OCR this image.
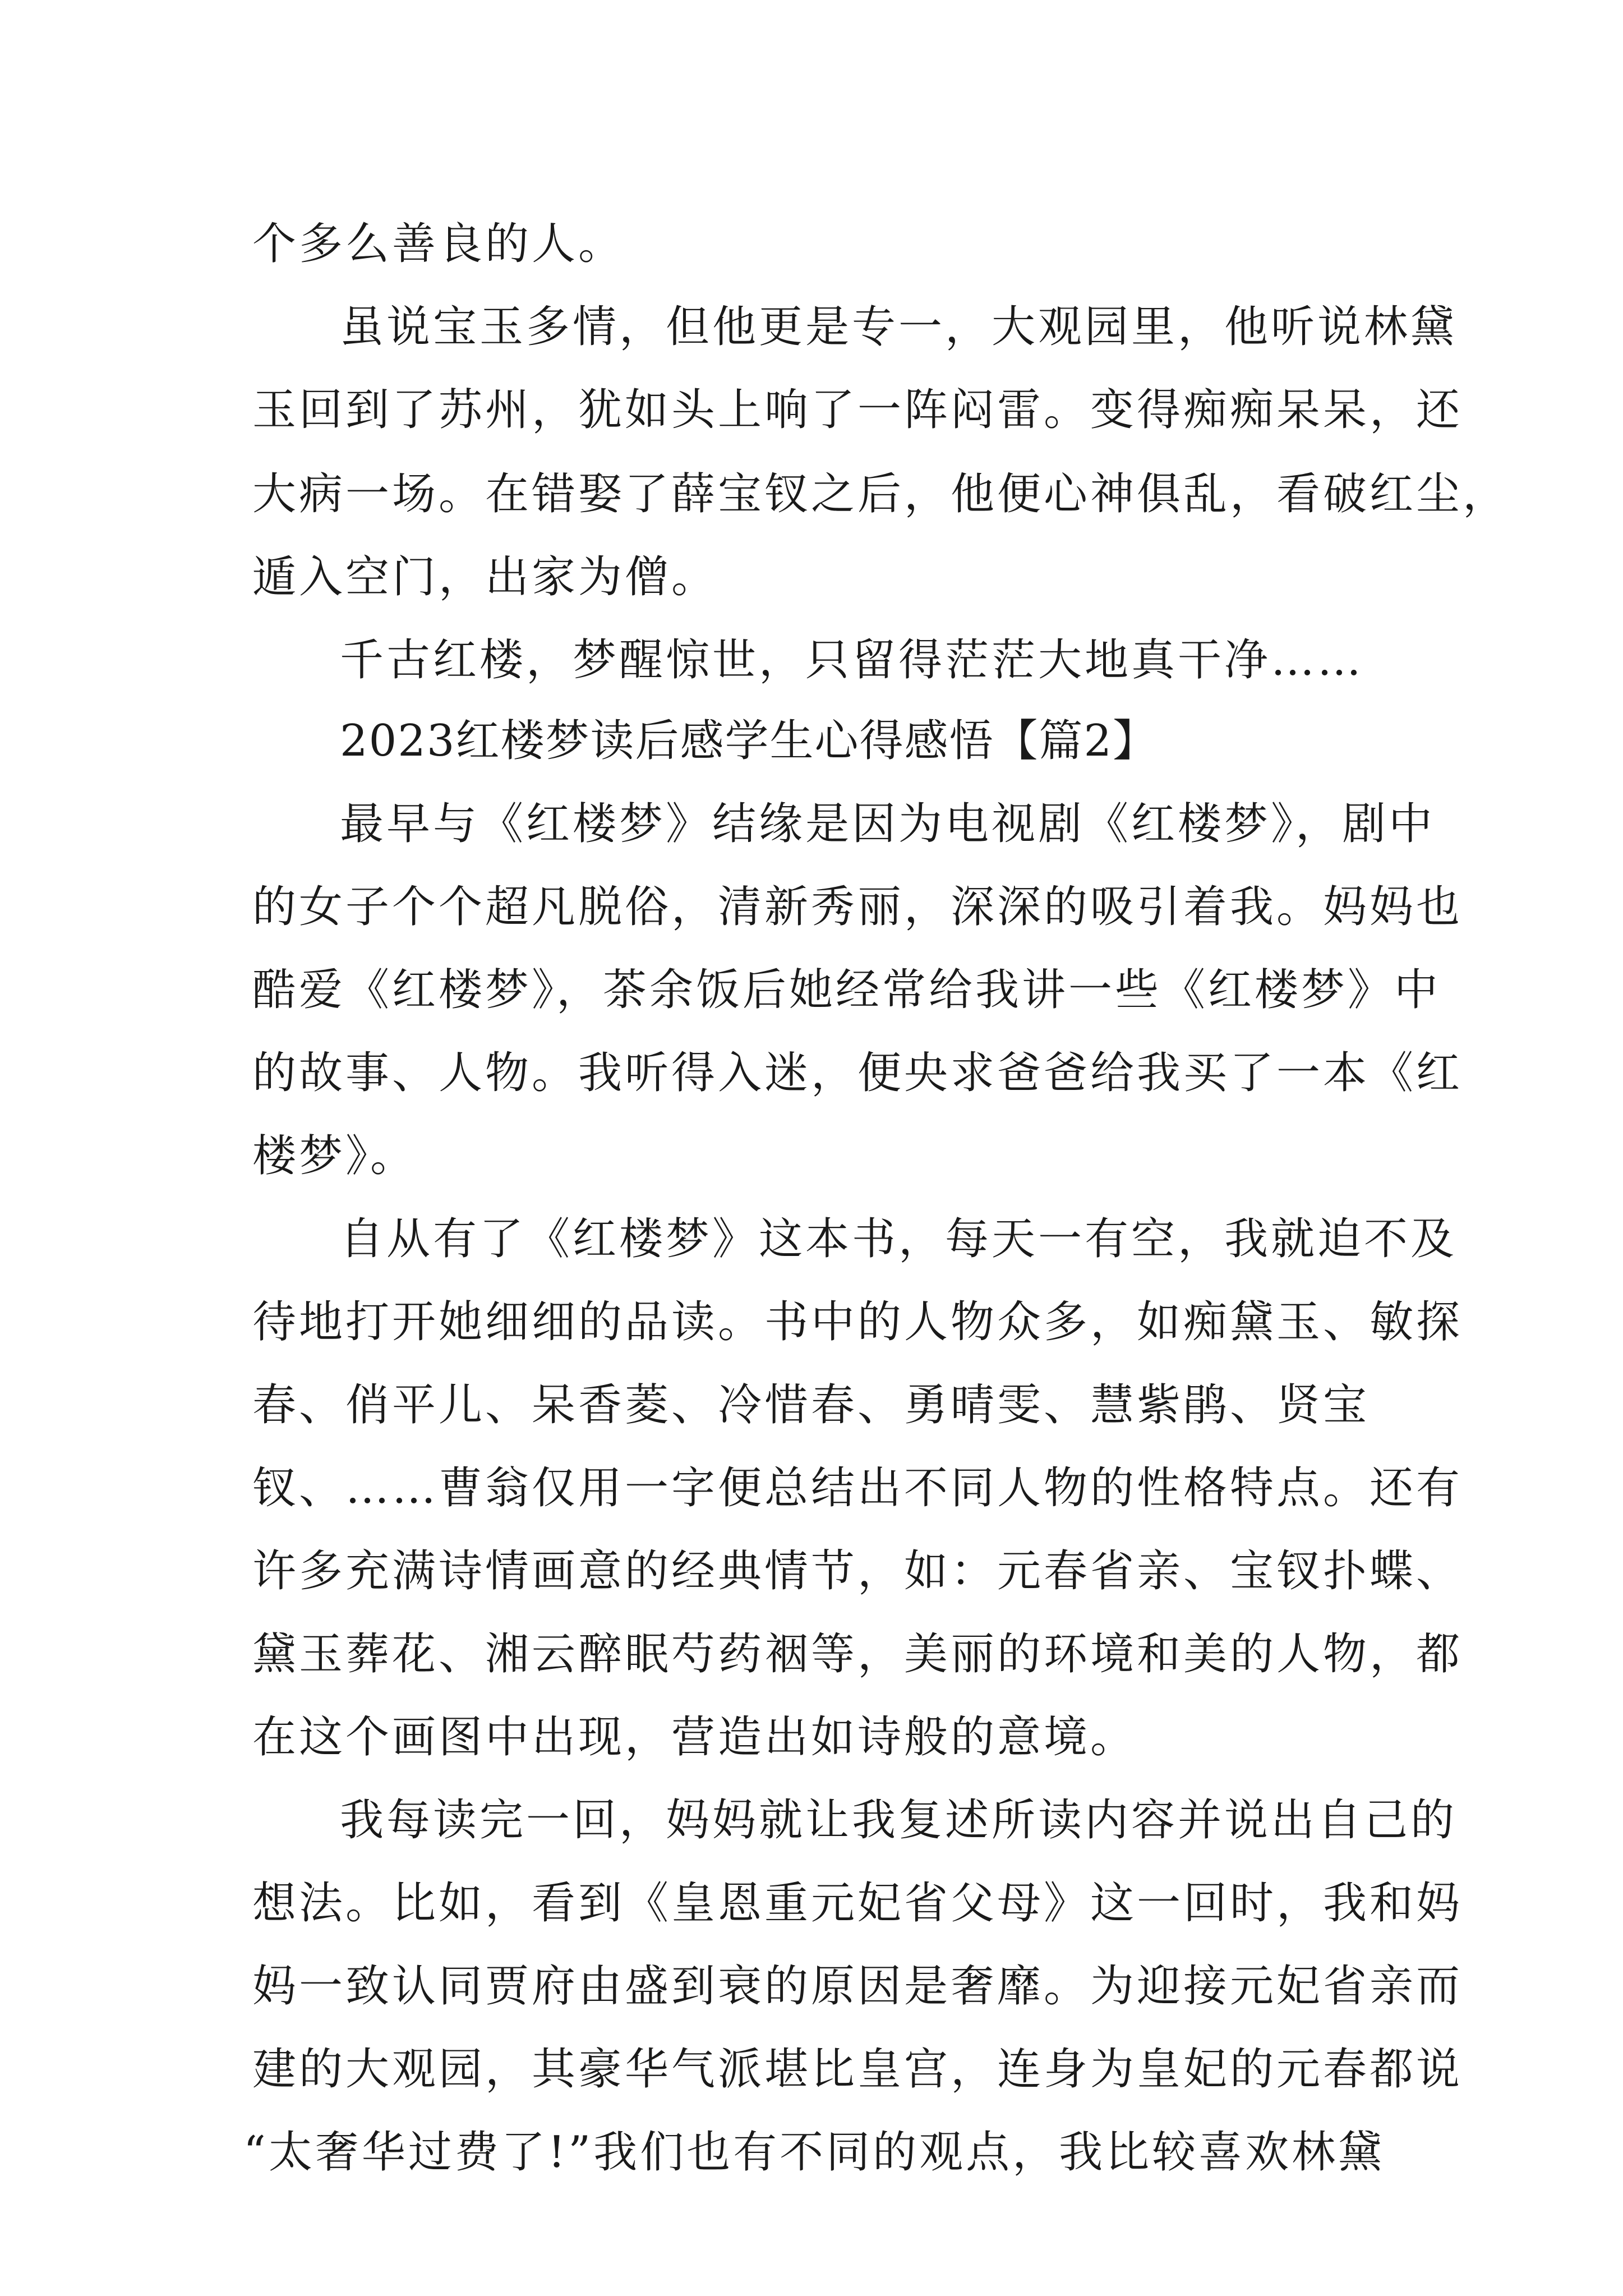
个多么善良的人。
虽说宝玉多情，但他更是专一，大观园里，他听说林黛
玉回到了苏州，犹如头上响了一阵闷雷。变得痴痴呆呆，还
大病一场。在错娶了薛宝钗之后，他便心神俱乱，看破红尘，
遁入空门，出家为僧。
千古红楼，梦醒惊世，只留得茫茫大地真干净……
2023红楼梦读后感学生心得感悟【篇2】
最早与《红楼梦》结缘是因为电视剧《红楼梦》，剧中
的女子个个超凡脱俗，清新秀丽，深深的吸引着我。妈妈也
酷爱《红楼梦》，茶余饭后她经常给我讲一些《红楼梦》中
的故事、人物。我听得入迷，便央求爸爸给我买了一本《红
楼梦》。
自从有了《红楼梦》这本书，每天一有空，我就迫不及
待地打开她细细的品读。书中的人物众多，如痴黛玉、敏探
春、俏平儿、呆香菱、冷惜春、勇晴雯、慧紫鹃、贤宝
钗、……曹翁仅用一字便总结出不同人物的性格特点。还有
许多充满诗情画意的经典情节，如：元春省亲、宝钗扑蝶、
黛玉葬花、湘云醉眠芍药裀等，美丽的环境和美的人物，都
在这个画图中出现，营造出如诗般的意境。
我每读完一回，妈妈就让我复述所读内容并说出自己的
想法。比如，看到《皇恩重元妃省父母》这一回时，我和妈
妈一致认同贾府由盛到衰的原因是奢靡。为迎接元妃省亲而
建的大观园，其豪华气派堪比皇宫，连身为皇妃的元春都说
“太奢华过费了!”我们也有不同的观点，我比较喜欢林黛
